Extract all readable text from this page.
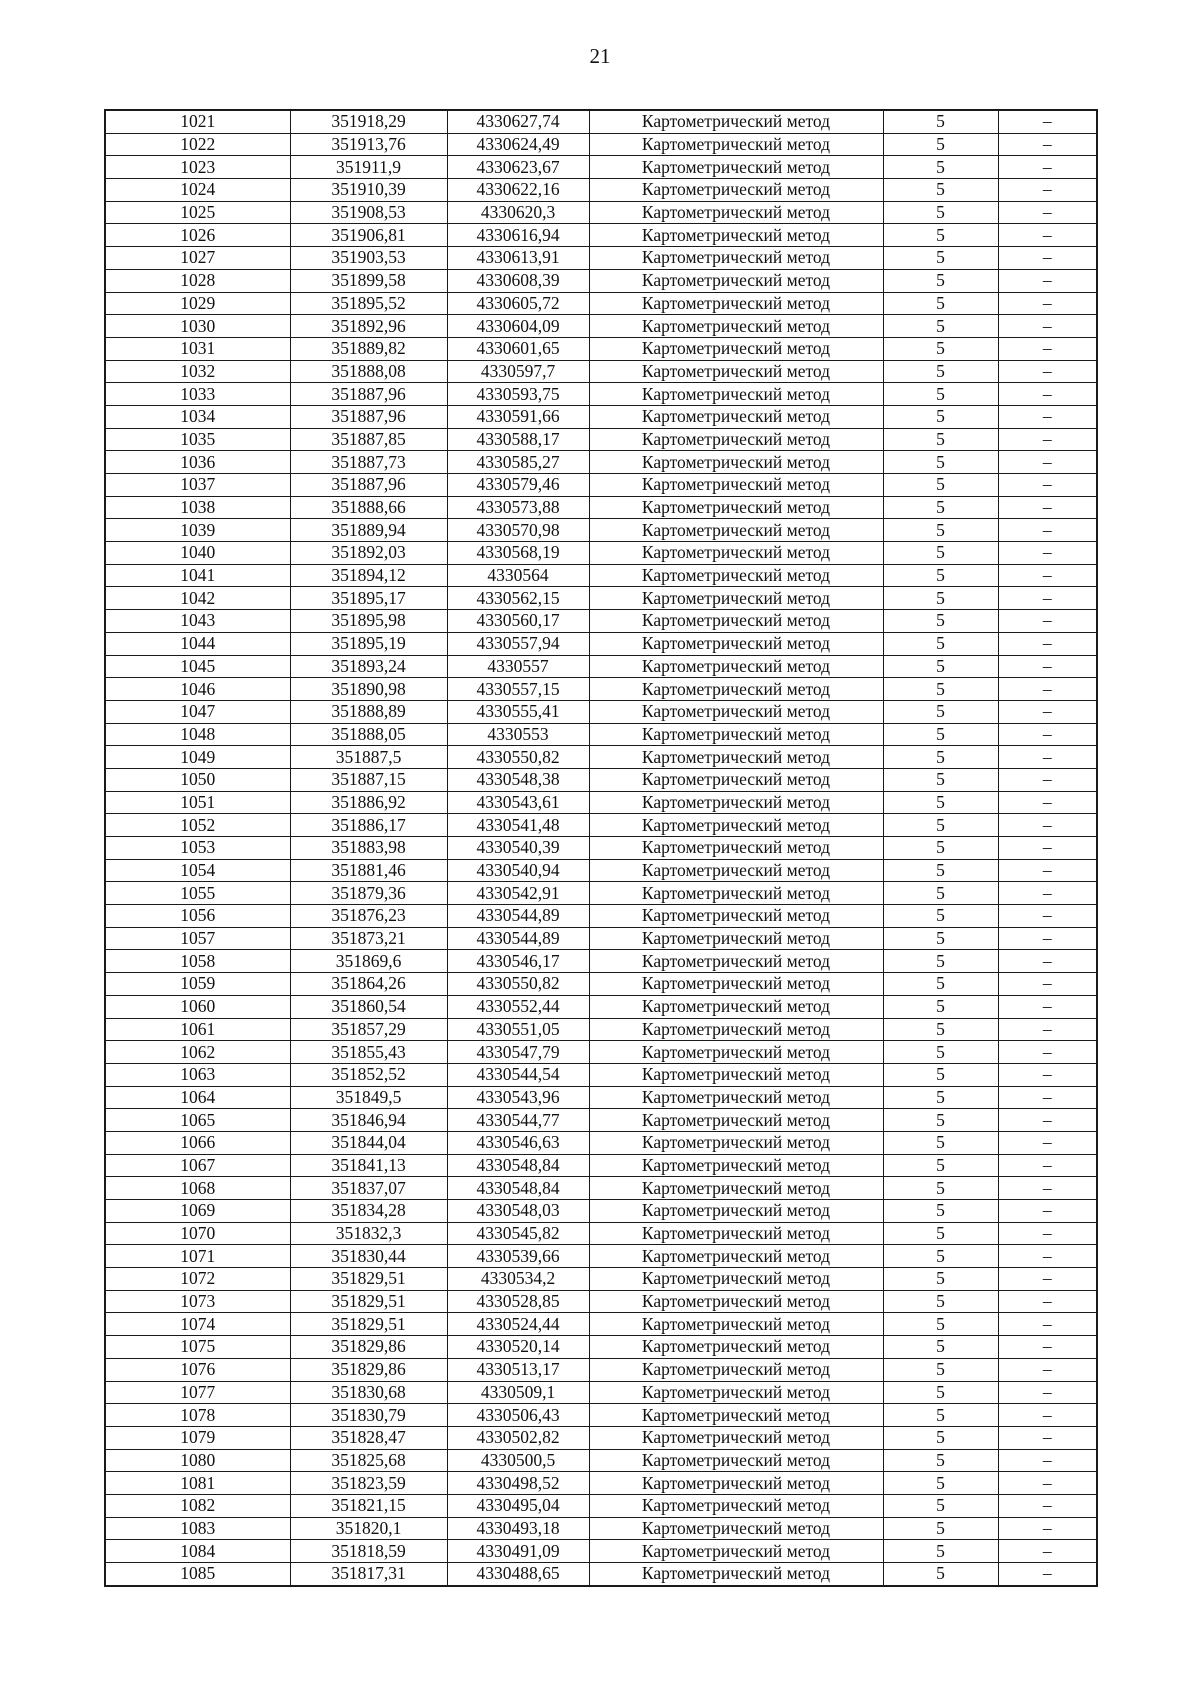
21
1021	351918,29	4330627,74	Картометрический метод	5	–
1022	351913,76	4330624,49	Картометрический метод	5	–
1023	351911,9	4330623,67	Картометрический метод	5	–
1024	351910,39	4330622,16	Картометрический метод	5	–
1025	351908,53	4330620,3	Картометрический метод	5	–
1026	351906,81	4330616,94	Картометрический метод	5	–
1027	351903,53	4330613,91	Картометрический метод	5	–
1028	351899,58	4330608,39	Картометрический метод	5	–
1029	351895,52	4330605,72	Картометрический метод	5	–
1030	351892,96	4330604,09	Картометрический метод	5	–
1031	351889,82	4330601,65	Картометрический метод	5	–
1032	351888,08	4330597,7	Картометрический метод	5	–
1033	351887,96	4330593,75	Картометрический метод	5	–
1034	351887,96	4330591,66	Картометрический метод	5	–
1035	351887,85	4330588,17	Картометрический метод	5	–
1036	351887,73	4330585,27	Картометрический метод	5	–
1037	351887,96	4330579,46	Картометрический метод	5	–
1038	351888,66	4330573,88	Картометрический метод	5	–
1039	351889,94	4330570,98	Картометрический метод	5	–
1040	351892,03	4330568,19	Картометрический метод	5	–
1041	351894,12	4330564	Картометрический метод	5	–
1042	351895,17	4330562,15	Картометрический метод	5	–
1043	351895,98	4330560,17	Картометрический метод	5	–
1044	351895,19	4330557,94	Картометрический метод	5	–
1045	351893,24	4330557	Картометрический метод	5	–
1046	351890,98	4330557,15	Картометрический метод	5	–
1047	351888,89	4330555,41	Картометрический метод	5	–
1048	351888,05	4330553	Картометрический метод	5	–
1049	351887,5	4330550,82	Картометрический метод	5	–
1050	351887,15	4330548,38	Картометрический метод	5	–
1051	351886,92	4330543,61	Картометрический метод	5	–
1052	351886,17	4330541,48	Картометрический метод	5	–
1053	351883,98	4330540,39	Картометрический метод	5	–
1054	351881,46	4330540,94	Картометрический метод	5	–
1055	351879,36	4330542,91	Картометрический метод	5	–
1056	351876,23	4330544,89	Картометрический метод	5	–
1057	351873,21	4330544,89	Картометрический метод	5	–
1058	351869,6	4330546,17	Картометрический метод	5	–
1059	351864,26	4330550,82	Картометрический метод	5	–
1060	351860,54	4330552,44	Картометрический метод	5	–
1061	351857,29	4330551,05	Картометрический метод	5	–
1062	351855,43	4330547,79	Картометрический метод	5	–
1063	351852,52	4330544,54	Картометрический метод	5	–
1064	351849,5	4330543,96	Картометрический метод	5	–
1065	351846,94	4330544,77	Картометрический метод	5	–
1066	351844,04	4330546,63	Картометрический метод	5	–
1067	351841,13	4330548,84	Картометрический метод	5	–
1068	351837,07	4330548,84	Картометрический метод	5	–
1069	351834,28	4330548,03	Картометрический метод	5	–
1070	351832,3	4330545,82	Картометрический метод	5	–
1071	351830,44	4330539,66	Картометрический метод	5	–
1072	351829,51	4330534,2	Картометрический метод	5	–
1073	351829,51	4330528,85	Картометрический метод	5	–
1074	351829,51	4330524,44	Картометрический метод	5	–
1075	351829,86	4330520,14	Картометрический метод	5	–
1076	351829,86	4330513,17	Картометрический метод	5	–
1077	351830,68	4330509,1	Картометрический метод	5	–
1078	351830,79	4330506,43	Картометрический метод	5	–
1079	351828,47	4330502,82	Картометрический метод	5	–
1080	351825,68	4330500,5	Картометрический метод	5	–
1081	351823,59	4330498,52	Картометрический метод	5	–
1082	351821,15	4330495,04	Картометрический метод	5	–
1083	351820,1	4330493,18	Картометрический метод	5	–
1084	351818,59	4330491,09	Картометрический метод	5	–
1085	351817,31	4330488,65	Картометрический метод	5	–
